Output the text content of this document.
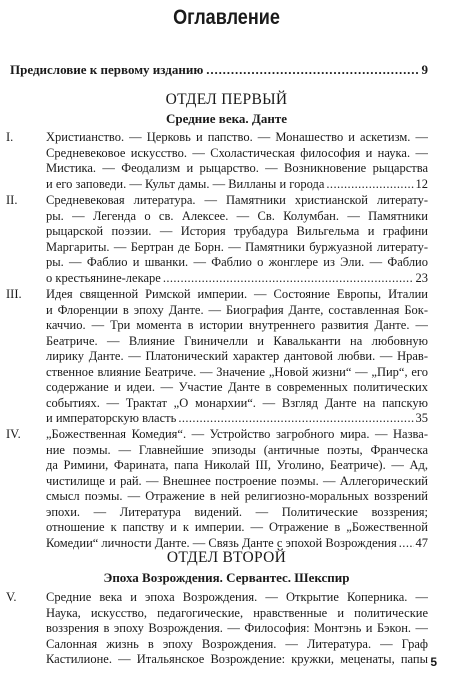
Оглавление
Предисловие к первому изданию . . .	9
ОТДЕЛ ПЕРВЫЙ
Средние века. Данте
I.	Христианство. — Церковь и папство. — Монашество и аскетизм. —
Средневековое искусство. — Схоластическая философия и наука. —
Мистика. — Феодализм и рыцарство. — Возникновение рыцарства
и его заповеди. — Культ дамы. — Вилланы и города .....	12
II. Средневековая литература. — Памятники христианской литерату-
ры. — Легенда о св. Алексее. — Св. Колумбан. — Памятники
рыцарской поэзии. — История трубадура Вильгельма и графини
Маргариты. — Бертран де Борн. — Памятники буржуазной литерату-
ры. — Фаблио и шванки. — Фаблио о жонглере из Эли. — Фаблио
о крестьянине-лекаре .....	23
III. Идея священной Римской империи. — Состояние Европы, Италии
и Флоренции в эпоху Данте. — Биография Данте, составленная Бок-
каччио. — Три момента в истории внутреннего развития Данте. —
Беатриче. — Влияние Гвиничелли и Кавальканти на любовную
лирику Данте. — Платонический характер дантовой любви. — Нрав-
ственное влияние Беатриче. — Значение „Новой жизни“ — „Пир“, его
содержание и идеи. — Участие Данте в современных политических
событиях. — Трактат „О монархии“. — Взгляд Данте на папскую
и императорскую власть .....	35
IV. „Божественная Комедия“. — Устройство загробного мира. — Назва-
ние поэмы. — Главнейшие эпизоды (античные поэты, Франческа
да Римини, Фарината, папа Николай III, Уголино, Беатриче). — Ад,
чистилище и рай. — Внешнее построение поэмы. — Аллегорический
смысл поэмы. — Отражение в ней религиозно-моральных воззрений
эпохи. — Литература видений. — Политические воззрения;
отношение к папству и к империи. — Отражение в „Божественной
Комедии“ личности Данте. — Связь Данте с эпохой Возрождения ..... 47
ОТДЕЛ ВТОРОЙ
Эпоха Возрождения. Сервантес. Шекспир
V. Средние века и эпоха Возрождения. — Открытие Коперника. —
Наука, искусство, педагогические, нравственные и политические
воззрения в эпоху Возрождения. — Философия: Монтэнь и Бэкон. —
Салонная жизнь в эпоху Возрождения. — Литература. — Граф
Кастилионе. — Итальянское Возрождение: кружки, меценаты, папы 5
